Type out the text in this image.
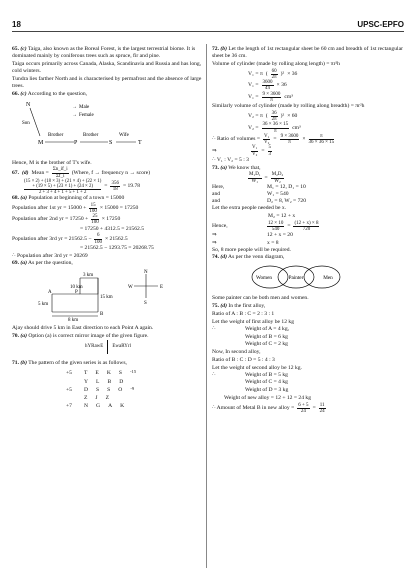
18	UPSC-EPFO

65. (c) Taiga, also known as the Boreal Forest, is the largest terrestrial biome. It is dominated mainly by coniferous trees such as spruce, fir and pine.

Taiga occurs primarily across Canada, Alaska, Scandinavia and Russia and has long, cold winters.

Tundra lies farther North and is characterised by permafrost and the absence of large trees.

66. (c) According to the question,

N
Son
M
Brother
P
Brother
S
Wife
T
→ Male
→ Female

Hence, M is the brother of T's wife.

67. (d) Mean = $\frac{\Sigma n\_if\_i}{\Sigma f\_i}$ (Where, f → frequency n → score)
(15 × 2) + (18 × 3) + (21 × 4) + (22 × 1)
+ (19 × 5) + (23 × 1) + (24 × 2)
2 + 3 + 4 + 1 + 5 + 1 + 2
= $\frac{356}{18} = 19.78$

68. (a) Population at beginning of a town = 15000

Population after 1st yr = $15000 + \frac{15}{100} \times 15000 = 17250$
Population after 2nd yr = $17250 + \frac{25}{100} \times 17250$

= 17250 + 4312.5 = 21562.5

Population after 3rd yr = $21562.5 - \frac{6}{100} \times 21562.5$

= 21562.5 − 1293.75 = 20268.75

∴ Population after 3rd yr = 20269

69. (a) As per the question,

3 km
10 km
15 km
5 km
8 km
A	P
B
N
S
W	E

Ajay should drive 5 km in East direction to each Point A again.

70. (a) Option (a) is correct mirror image of the given figure.

hYRawE EwaRYrl

71. (b) The pattern of the given series is as follows,

+5	T E K S -15
Y L B D
+5	D S S O -9
Z J Z
+7	N G A K

72. (b) Let the length of 1st rectangular sheet be 60 cm and breadth of 1st rectangular sheet be 36 cm.

Volume of cylinder (made by rolling along length) = πr²h

V₁ = π ( $\frac{60}{2\pi} )^2 \times 36$
$V_1 = \frac{3600}{4\pi} \times 36$
$V_1 = \frac{9 \times 3600}{\pi} cm^3$

Similarly volume of cylinder (made by rolling along breadth) = πr²h

V₂ = π ( $\frac{36}{2\pi} )^2 \times 60$
$V_2 = \frac{36 \times 36 \times 15}{\pi} cm^3$
∴ Ratio of volumes = $\frac{\text{V₁}}{\text{V₂}} = \frac{9 \times 3600}{\pi} \times \frac{\pi}{36 \times 36 \times 15}$
⇒	$\frac{\text{V₁}}{\text{V₂}} = \frac{5}{3}$

∴ V₁ : V₂ = 5 : 3

73. (a) We know that,

$\frac{\text{M₁D₁}}{\text{W₁}} = \frac{\text{M₂D₂}}{\text{W₂}}$
Here,	M₁ = 12, D₁ = 10
and	W₁ = 540
and	D₂ = 8, W₂ = 720

Let the extra people needed be x.

M₂ = 12 + x

Hence,	$\frac{12 \times 10}{540} = \frac{(12 + x) \times 8}{720}$
⇒	12 + x = 20
⇒	x = 8

So, 8 more people will be required.

74. (d) As per the venn diagram,

Women	Painter	Men

Some painter can be both men and women.

75. (d) In the first alloy,

Ratio of A : B : C = 2 : 3 : 1

Let the weight of first alloy be 12 kg

∴	Weight of A = 4 kg,

Weight of B = 6 kg

Weight of C = 2 kg

Now, In second alloy,

Ratio of B : C : D = 5 : 4 : 3

Let the weight of second alloy be 12 kg.

∴	Weight of B = 5 kg

Weight of C = 4 kg

Weight of D = 3 kg

Weight of new alloy = 12 + 12 = 24 kg

∴ Amount of Metal B in new alloy = $\frac{6 + 5}{24} = \frac{11}{24}$
